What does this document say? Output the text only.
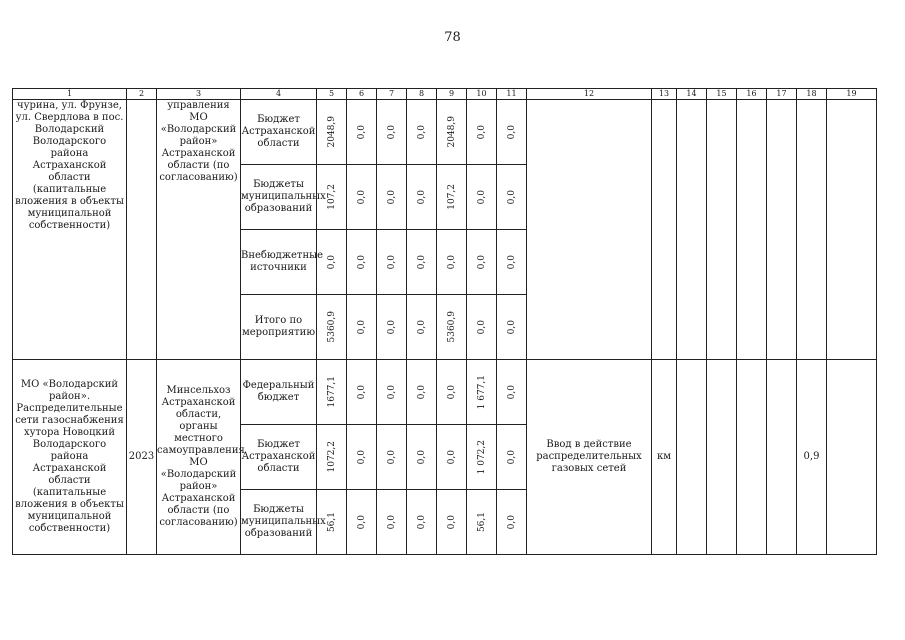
78
1	2	3	4	5	6	7	8	9	10	11	12	13	14	15	16	17	18	19
чурина, ул. Фрунзе, ул. Свердлова в пос. Володарский Володарского района Астраханской области (капитальные вложения в объекты муниципальной собственности)		управления МО «Володарский район» Астраханской области (по согласованию)	Бюджет Астраханской области	2048,9	0,0	0,0	0,0	2048,9	0,0	0,0								

			Бюджеты муниципальных образований	107,2	0,0	0,0	0,0	107,2	0,0	0,0								

			Внебюджетные источники	0,0	0,0	0,0	0,0	0,0	0,0	0,0								

			Итого по мероприятию	5360,9	0,0	0,0	0,0	5360,9	0,0	0,0								

МО «Володарский район». Распределительные сети газоснабжения хутора Новоцкий Володарского района Астраханской области (капитальные вложения в объекты муниципальной собственности)	2023	Минсельхоз Астраханской области, органы местного самоуправления МО «Володарский район» Астраханской области (по согласованию)	Федеральный бюджет	1677,1	0,0	0,0	0,0	0,0	1 677,1	0,0	Ввод в действие распределительных газовых сетей	км					0,9	
			Бюджет Астраханской области	1072,2	0,0	0,0	0,0	0,0	1 072,2	0,0								

			Бюджеты муниципальных образований	56,1	0,0	0,0	0,0	0,0	56,1	0,0								
